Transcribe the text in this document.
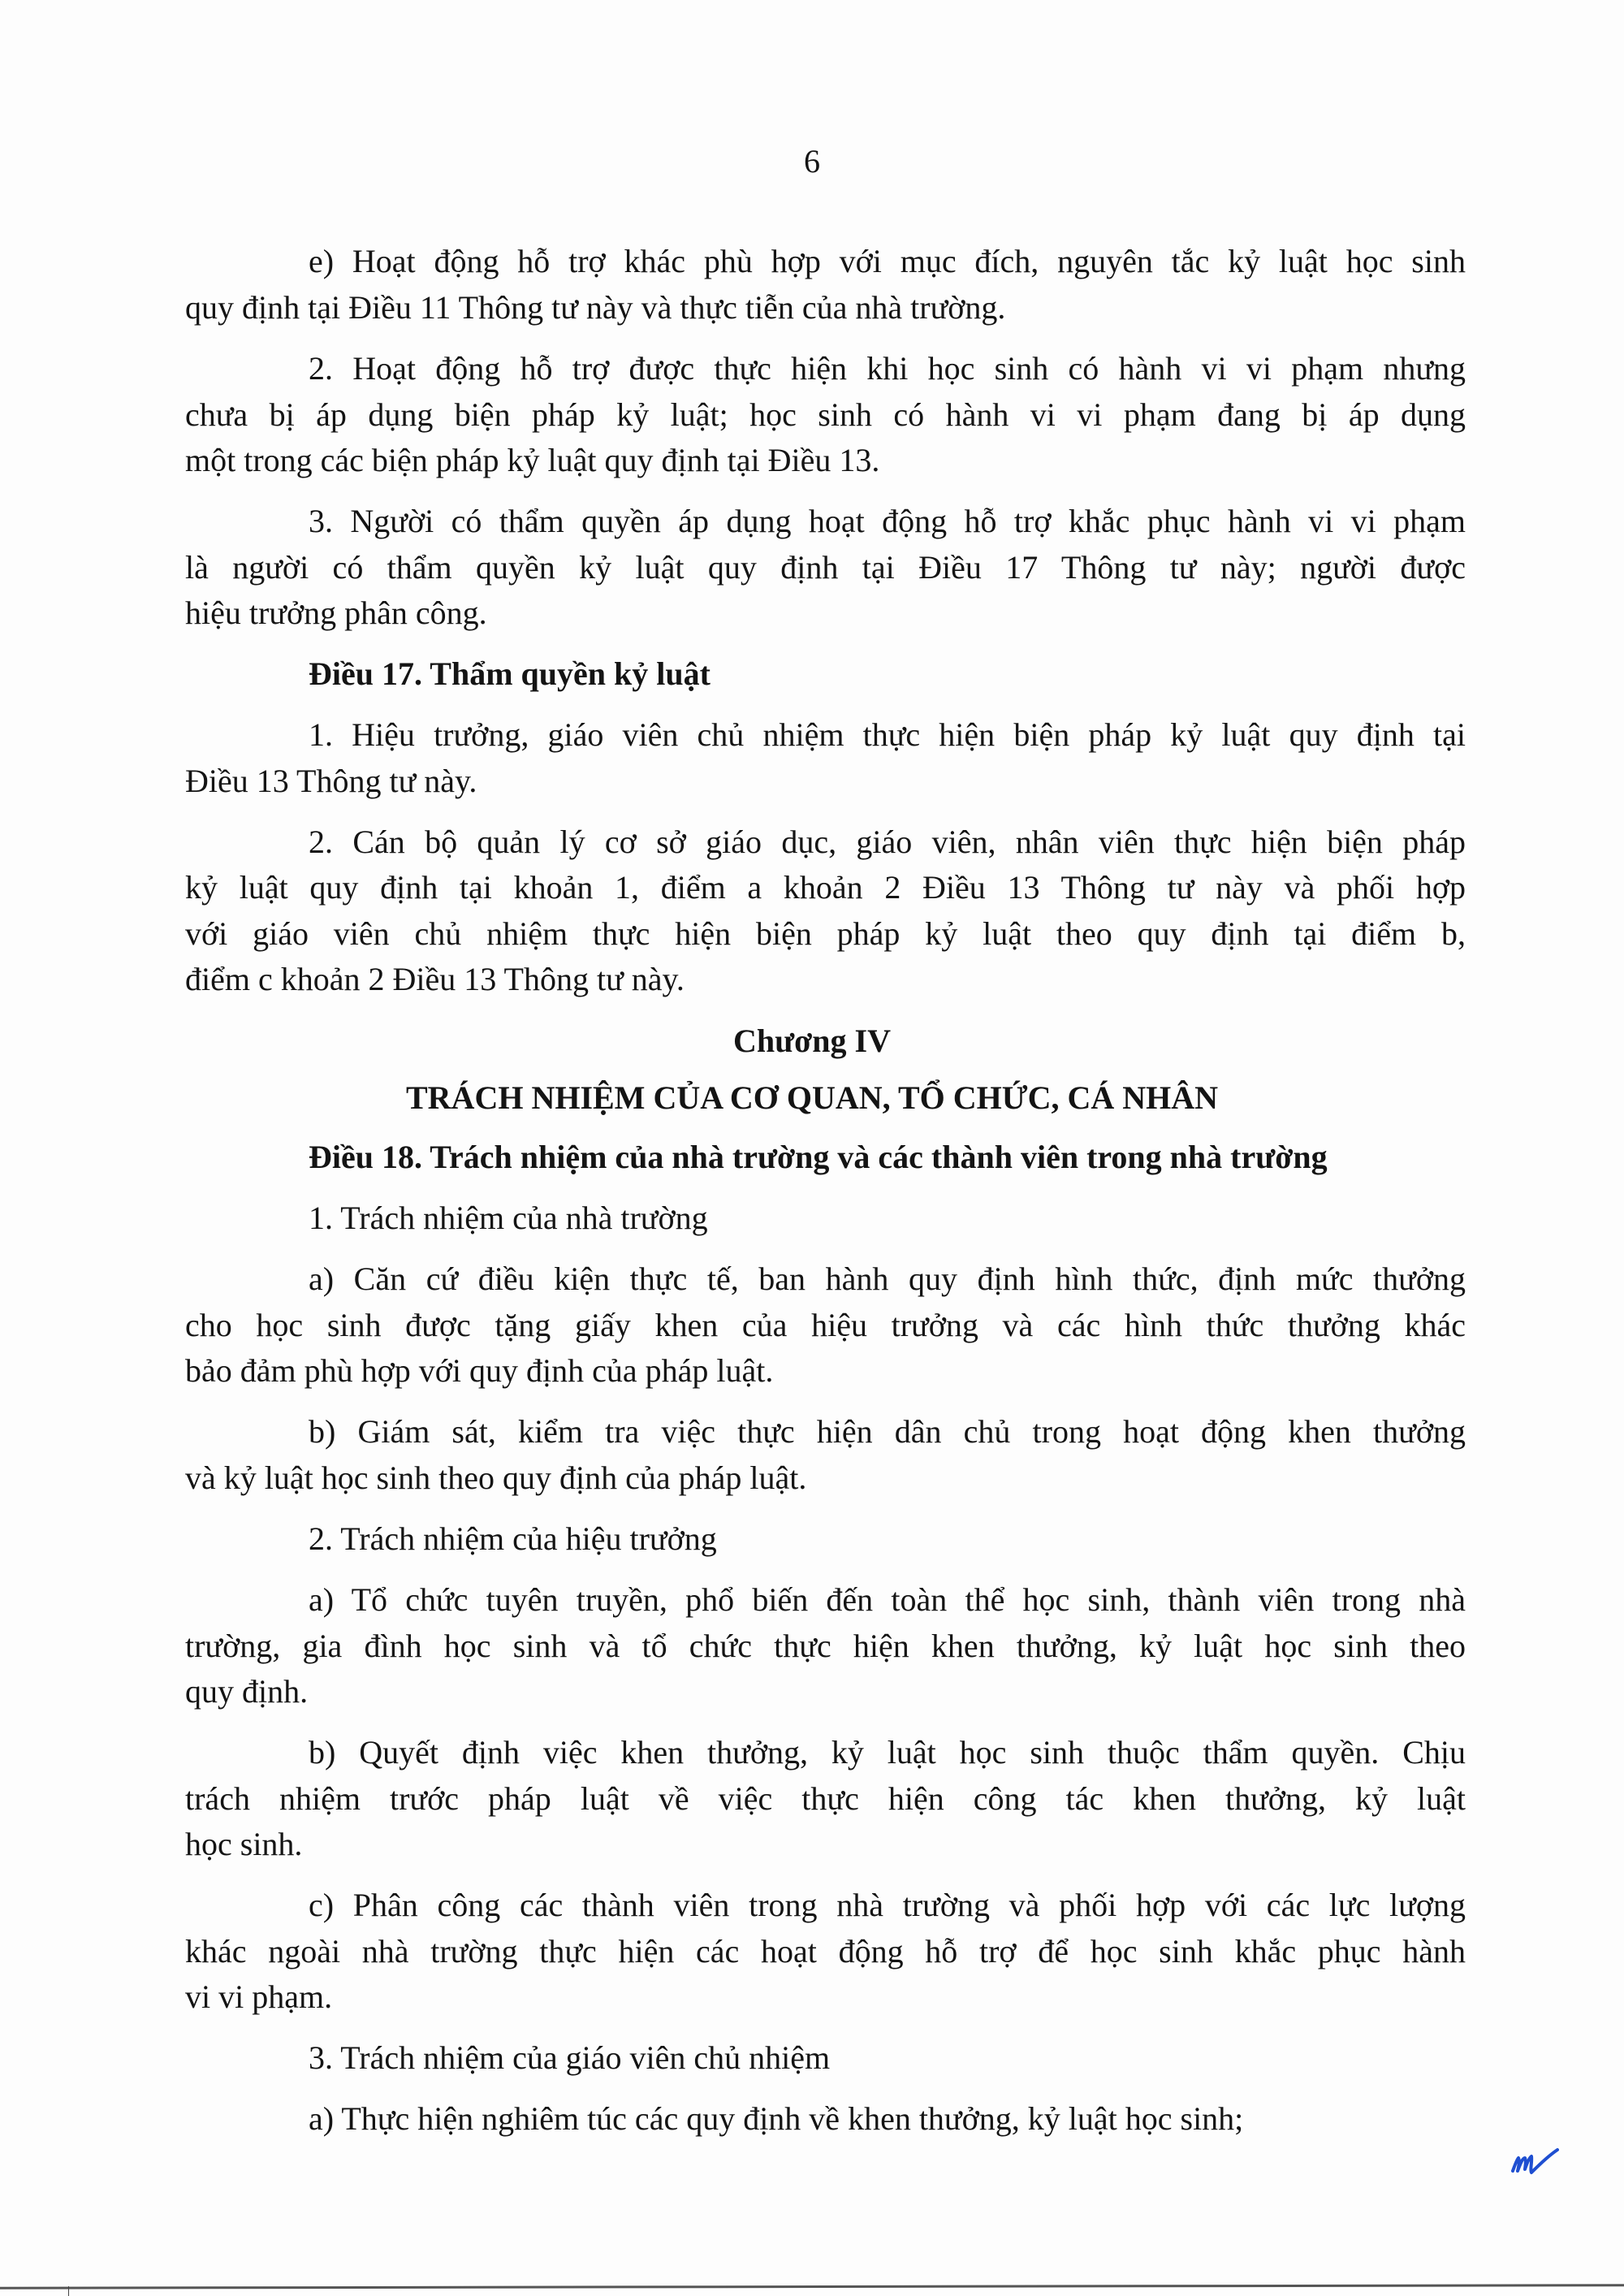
6
e) Hoạt động hỗ trợ khác phù hợp với mục đích, nguyên tắc kỷ luật học sinh
quy định tại Điều 11 Thông tư này và thực tiễn của nhà trường.
2. Hoạt động hỗ trợ được thực hiện khi học sinh có hành vi vi phạm nhưng
chưa bị áp dụng biện pháp kỷ luật; học sinh có hành vi vi phạm đang bị áp dụng
một trong các biện pháp kỷ luật quy định tại Điều 13.
3. Người có thẩm quyền áp dụng hoạt động hỗ trợ khắc phục hành vi vi phạm
là người có thẩm quyền kỷ luật quy định tại Điều 17 Thông tư này; người được
hiệu trưởng phân công.
Điều 17. Thẩm quyền kỷ luật
1. Hiệu trưởng, giáo viên chủ nhiệm thực hiện biện pháp kỷ luật quy định tại
Điều 13 Thông tư này.
2. Cán bộ quản lý cơ sở giáo dục, giáo viên, nhân viên thực hiện biện pháp
kỷ luật quy định tại khoản 1, điểm a khoản 2 Điều 13 Thông tư này và phối hợp
với giáo viên chủ nhiệm thực hiện biện pháp kỷ luật theo quy định tại điểm b,
điểm c khoản 2 Điều 13 Thông tư này.
Chương IV
TRÁCH NHIỆM CỦA CƠ QUAN, TỔ CHỨC, CÁ NHÂN
Điều 18. Trách nhiệm của nhà trường và các thành viên trong nhà trường
1. Trách nhiệm của nhà trường
a) Căn cứ điều kiện thực tế, ban hành quy định hình thức, định mức thưởng
cho học sinh được tặng giấy khen của hiệu trưởng và các hình thức thưởng khác
bảo đảm phù hợp với quy định của pháp luật.
b) Giám sát, kiểm tra việc thực hiện dân chủ trong hoạt động khen thưởng
và kỷ luật học sinh theo quy định của pháp luật.
2. Trách nhiệm của hiệu trưởng
a) Tổ chức tuyên truyền, phổ biến đến toàn thể học sinh, thành viên trong nhà
trường, gia đình học sinh và tổ chức thực hiện khen thưởng, kỷ luật học sinh theo
quy định.
b) Quyết định việc khen thưởng, kỷ luật học sinh thuộc thẩm quyền. Chịu
trách nhiệm trước pháp luật về việc thực hiện công tác khen thưởng, kỷ luật
học sinh.
c) Phân công các thành viên trong nhà trường và phối hợp với các lực lượng
khác ngoài nhà trường thực hiện các hoạt động hỗ trợ để học sinh khắc phục hành
vi vi phạm.
3. Trách nhiệm của giáo viên chủ nhiệm
a) Thực hiện nghiêm túc các quy định về khen thưởng, kỷ luật học sinh;
